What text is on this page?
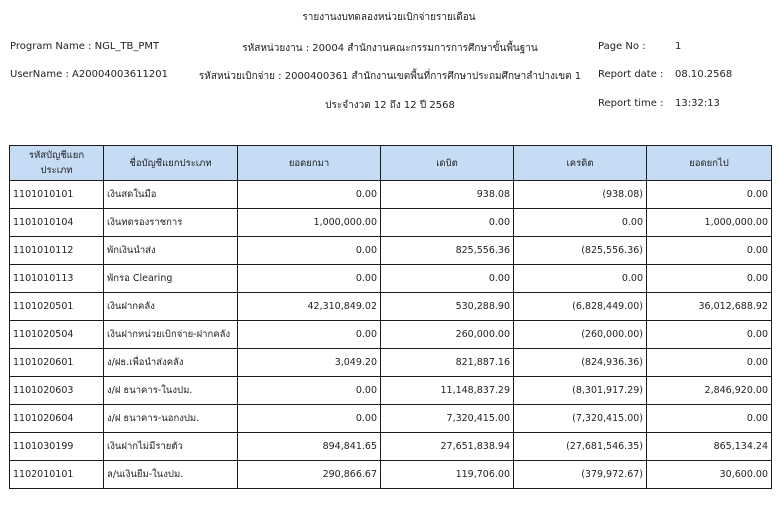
รายงานงบทดลองหน่วยเบิกจ่ายรายเดือน
Program Name : NGL_TB_PMT
UserName : A20004003611201
รหัสหน่วยงาน : 20004 สำนักงานคณะกรรมการการศึกษาขั้นพื้นฐาน
รหัสหน่วยเบิกจ่าย : 2000400361 สำนักงานเขตพื้นที่การศึกษาประถมศึกษาลำปางเขต 1
ประจำงวด 12 ถึง 12 ปี 2568
Page No :	1
Report date : 08.10.2568
Report time : 13:32:13
รหัสบัญชีแยกประเภท	ชื่อบัญชีแยกประเภท	ยอดยกมา	เดบิต	เครดิต	ยอดยกไป
1101010101	เงินสดในมือ	0.00	938.08	(938.08)	0.00
1101010104	เงินทดรองราชการ	1,000,000.00	0.00	0.00	1,000,000.00
1101010112	พักเงินนำส่ง	0.00	825,556.36	(825,556.36)	0.00
1101010113	พักรอ Clearing	0.00	0.00	0.00	0.00
1101020501	เงินฝากคลัง	42,310,849.02	530,288.90	(6,828,449.00)	36,012,688.92
1101020504	เงินฝากหน่วยเบิกจ่าย-ฝากคลัง	0.00	260,000.00	(260,000.00)	0.00
1101020601	ง/ฝธ.เพื่อนำส่งคลัง	3,049.20	821,887.16	(824,936.36)	0.00
1101020603	ง/ฝ ธนาคาร-ในงปม.	0.00	11,148,837.29	(8,301,917.29)	2,846,920.00
1101020604	ง/ฝ ธนาคาร-นอกงปม.	0.00	7,320,415.00	(7,320,415.00)	0.00
1101030199	เงินฝากไม่มีรายตัว	894,841.65	27,651,838.94	(27,681,546.35)	865,134.24
1102010101	ล/นเงินยืม-ในงปม.	290,866.67	119,706.00	(379,972.67)	30,600.00
